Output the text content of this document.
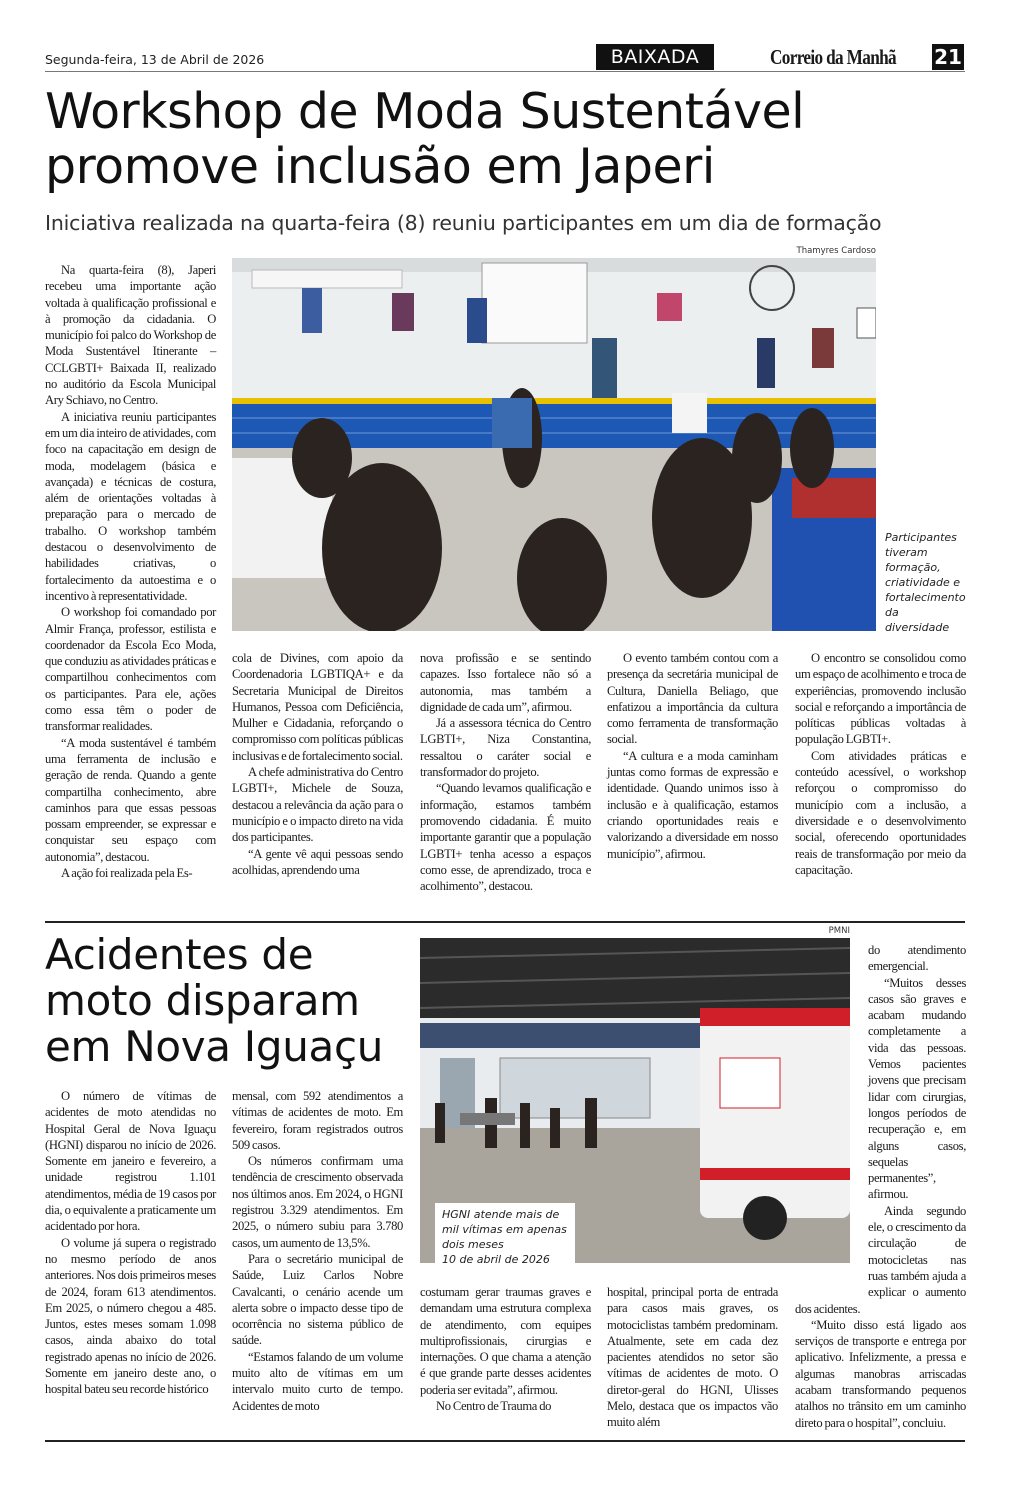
Segunda-feira, 13 de Abril de 2026	BAIXADA	Correio da Manhã 21
Workshop de Moda Sustentável
promove inclusão em Japeri
Iniciativa realizada na quarta-feira (8) reuniu participantes em um dia de formação
Thamyres Cardoso
Participantes tiveram formação, criatividade e fortalecimento da diversidade

Na quarta-feira (8), Japeri recebeu uma importante ação voltada à qualificação profissional e à promoção da cidadania. O município foi palco do Workshop de Moda Sustentável Itinerante – CCLGBTI+ Baixada II, realizado no auditório da Escola Municipal Ary Schiavo, no Centro.

A iniciativa reuniu participantes em um dia inteiro de atividades, com foco na capacitação em design de moda, modelagem (básica e avançada) e técnicas de costura, além de orientações voltadas à preparação para o mercado de trabalho. O workshop também destacou o desenvolvimento de habilidades criativas, o fortalecimento da autoestima e o incentivo à representatividade.

O workshop foi comandado por Almir França, professor, estilista e coordenador da Escola Eco Moda, que conduziu as atividades práticas e compartilhou conhecimentos com os participantes. Para ele, ações como essa têm o poder de transformar realidades.

“A moda sustentável é também uma ferramenta de inclusão e geração de renda. Quando a gente compartilha conhecimento, abre caminhos para que essas pessoas possam empreender, se expressar e conquistar seu espaço com autonomia”, destacou.

A ação foi realizada pela Es-

cola de Divines, com apoio da Coordenadoria LGBTIQA+ e da Secretaria Municipal de Direitos Humanos, Pessoa com Deficiência, Mulher e Cidadania, reforçando o compromisso com políticas públicas inclusivas e de fortalecimento social.

A chefe administrativa do Centro LGBTI+, Michele de Souza, destacou a relevância da ação para o município e o impacto direto na vida dos participantes.

“A gente vê aqui pessoas sendo acolhidas, aprendendo uma

nova profissão e se sentindo capazes. Isso fortalece não só a autonomia, mas também a dignidade de cada um”, afirmou.

Já a assessora técnica do Centro LGBTI+, Niza Constantina, ressaltou o caráter social e transformador do projeto.

“Quando levamos qualificação e informação, estamos também promovendo cidadania. É muito importante garantir que a população LGBTI+ tenha acesso a espaços como esse, de aprendizado, troca e acolhimento”, destacou.

O evento também contou com a presença da secretária municipal de Cultura, Daniella Beliago, que enfatizou a importância da cultura como ferramenta de transformação social.

“A cultura e a moda caminham juntas como formas de expressão e identidade. Quando unimos isso à inclusão e à qualificação, estamos criando oportunidades reais e valorizando a diversidade em nosso município”, afirmou.

O encontro se consolidou como um espaço de acolhimento e troca de experiências, promovendo inclusão social e reforçando a importância de políticas públicas voltadas à população LGBTI+.

Com atividades práticas e conteúdo acessível, o workshop reforçou o compromisso do município com a inclusão, a diversidade e o desenvolvimento social, oferecendo oportunidades reais de transformação por meio da capacitação.

Acidentes de moto disparam em Nova Iguaçu
PMNI
HGNI atende mais de mil vítimas em apenas dois meses
10 de abril de 2026

O número de vítimas de acidentes de moto atendidas no Hospital Geral de Nova Iguaçu (HGNI) disparou no início de 2026. Somente em janeiro e fevereiro, a unidade registrou 1.101 atendimentos, média de 19 casos por dia, o equivalente a praticamente um acidentado por hora.

O volume já supera o registrado no mesmo período de anos anteriores. Nos dois primeiros meses de 2024, foram 613 atendimentos. Em 2025, o número chegou a 485. Juntos, estes meses somam 1.098 casos, ainda abaixo do total registrado apenas no início de 2026. Somente em janeiro deste ano, o hospital bateu seu recorde histórico

mensal, com 592 atendimentos a vítimas de acidentes de moto. Em fevereiro, foram registrados outros 509 casos.

Os números confirmam uma tendência de crescimento observada nos últimos anos. Em 2024, o HGNI registrou 3.329 atendimentos. Em 2025, o número subiu para 3.780 casos, um aumento de 13,5%.

Para o secretário municipal de Saúde, Luiz Carlos Nobre Cavalcanti, o cenário acende um alerta sobre o impacto desse tipo de ocorrência no sistema público de saúde.

“Estamos falando de um volume muito alto de vítimas em um intervalo muito curto de tempo. Acidentes de moto

costumam gerar traumas graves e demandam uma estrutura complexa de atendimento, com equipes multiprofissionais, cirurgias e internações. O que chama a atenção é que grande parte desses acidentes poderia ser evitada”, afirmou.

No Centro de Trauma do

hospital, principal porta de entrada para casos mais graves, os motociclistas também predominam. Atualmente, sete em cada dez pacientes atendidos no setor são vítimas de acidentes de moto. O diretor-geral do HGNI, Ulisses Melo, destaca que os impactos vão muito além

do atendimento emergencial.

“Muitos desses casos são graves e acabam mudando completamente a vida das pessoas. Vemos pacientes jovens que precisam lidar com cirurgias, longos períodos de recuperação e, em alguns casos, sequelas permanentes”, afirmou.

Ainda segundo ele, o crescimento da circulação de motocicletas nas ruas também ajuda a explicar o aumento dos acidentes.

“Muito disso está ligado aos serviços de transporte e entrega por aplicativo. Infelizmente, a pressa e algumas manobras arriscadas acabam transformando pequenos atalhos no trânsito em um caminho direto para o hospital”, concluiu.
